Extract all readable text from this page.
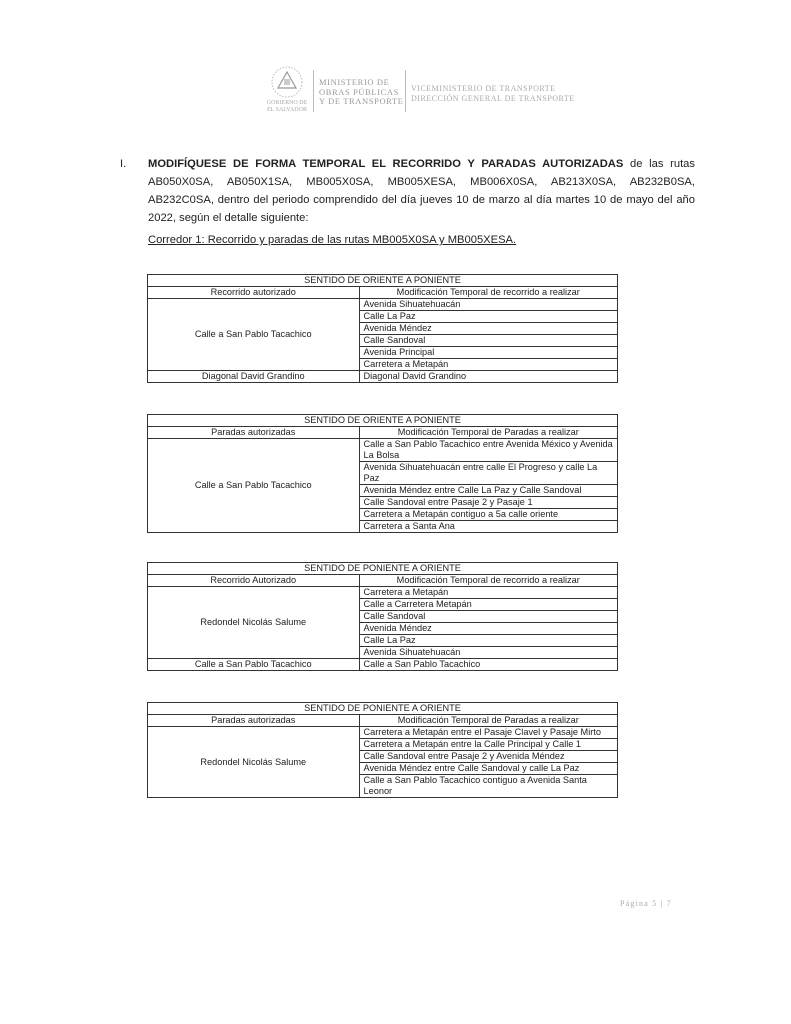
GOBIERNO DE
EL SALVADOR
MINISTERIO DE
OBRAS PÚBLICAS
Y DE TRANSPORTE
VICEMINISTERIO DE TRANSPORTE
DIRECCIÓN GENERAL DE TRANSPORTE
I. MODIFÍQUESE DE FORMA TEMPORAL EL RECORRIDO Y PARADAS AUTORIZADAS de las rutas AB050X0SA, AB050X1SA, MB005X0SA, MB005XESA, MB006X0SA, AB213X0SA, AB232B0SA, AB232C0SA, dentro del periodo comprendido del día jueves 10 de marzo al día martes 10 de mayo del año 2022, según el detalle siguiente:
Corredor 1: Recorrido y paradas de las rutas MB005X0SA y MB005XESA.
SENTIDO DE ORIENTE A PONIENTE	
Recorrido autorizado	Modificación Temporal de recorrido a realizar
Calle a San Pablo Tacachico	Avenida Sihuatehuacán
	Calle La Paz
	Avenida Méndez
	Calle Sandoval
	Avenida Principal
	Carretera a Metapán
Diagonal David Grandino	Diagonal David Grandino
SENTIDO DE ORIENTE A PONIENTE	
Paradas autorizadas	Modificación Temporal de Paradas a realizar
Calle a San Pablo Tacachico	Calle a San Pablo Tacachico entre Avenida México y Avenida La Bolsa
	Avenida Sihuatehuacán entre calle El Progreso y calle La Paz
	Avenida Méndez entre Calle La Paz y Calle Sandoval
	Calle Sandoval entre Pasaje 2 y Pasaje 1
	Carretera a Metapán contiguo a 5a calle oriente
	Carretera a Santa Ana
SENTIDO DE PONIENTE A ORIENTE	
Recorrido Autorizado	Modificación Temporal de recorrido a realizar
Redondel Nicolás Salume	Carretera a Metapán
	Calle a Carretera Metapán
	Calle Sandoval
	Avenida Méndez
	Calle La Paz
	Avenida Sihuatehuacán
Calle a San Pablo Tacachico	Calle a San Pablo Tacachico
SENTIDO DE PONIENTE A ORIENTE	
Paradas autorizadas	Modificación Temporal de Paradas a realizar
Redondel Nicolás Salume	Carretera a Metapán entre el Pasaje Clavel y Pasaje Mirto
	Carretera a Metapán entre la Calle Principal y Calle 1
	Calle Sandoval entre Pasaje 2 y Avenida Méndez
	Avenida Méndez entre Calle Sandoval y calle La Paz
	Calle a San Pablo Tacachico contiguo a Avenida Santa Leonor
Página 5 | 7
